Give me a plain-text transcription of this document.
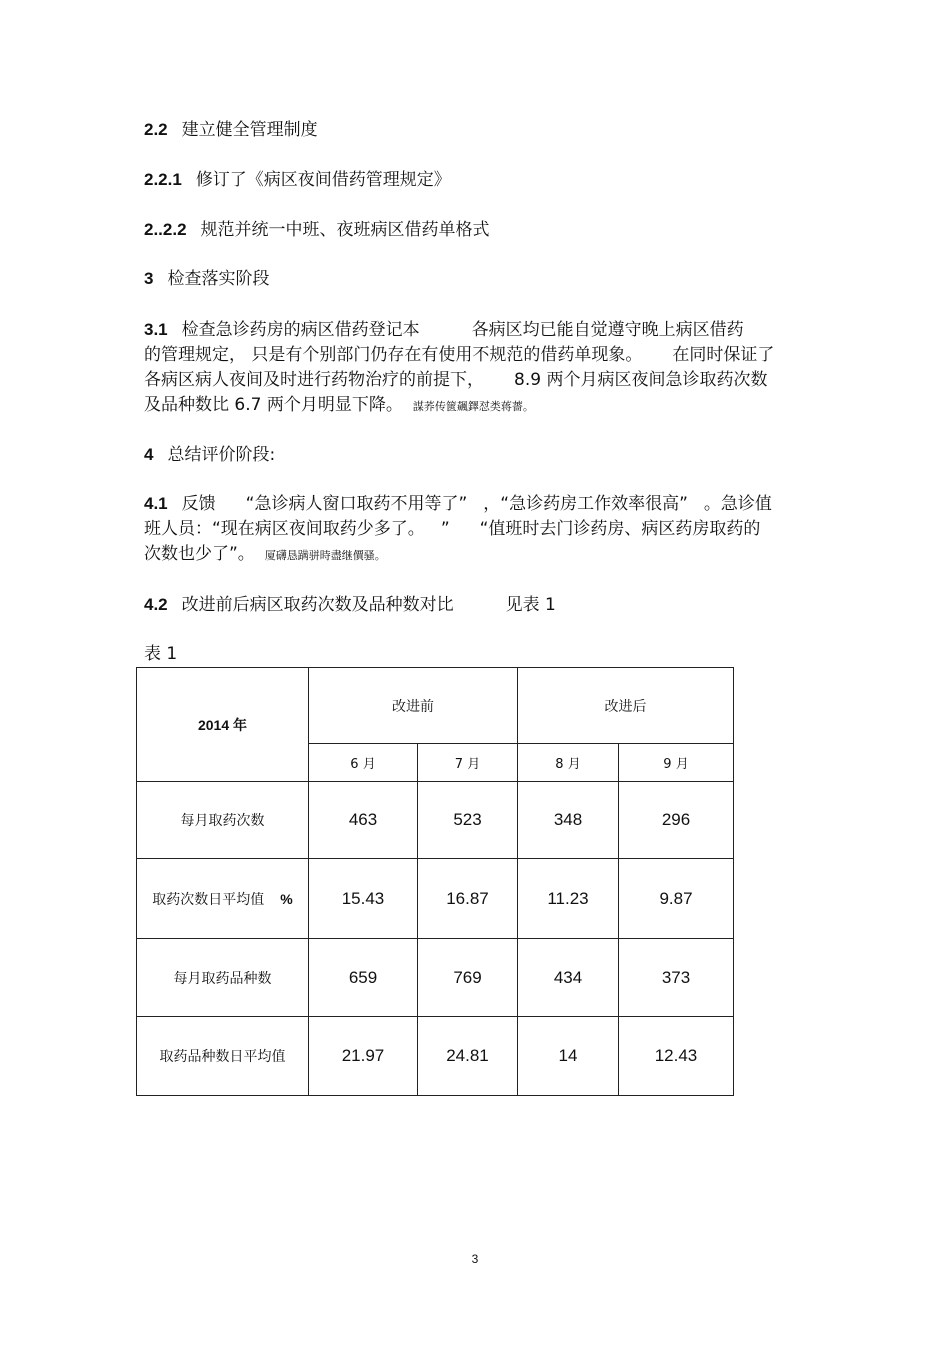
2.2 建立健全管理制度
2.2.1 修订了《病区夜间借药管理规定》
2..2.2 规范并统一中班、夜班病区借药单格式
3 检查落实阶段
3.1 检查急诊药房的病区借药登记本	各病区均已能自觉遵守晚上病区借药
的管理规定， 只是有个别部门仍存在有使用不规范的借药单现象。 在同时保证了
各病区病人夜间及时进行药物治疗的前提下， 8.9 两个月病区夜间急诊取药次数
及品种数比 6.7 两个月明显下降。 謀荞传篋飆鐸怼类蒋薔。
4 总结评价阶段:
4.1 反馈 “急诊病人窗口取药不用等了” ，“急诊药房工作效率很高” 。急诊值
班人员：“现在病区夜间取药少多了。 ” “值班时去门诊药房、病区药房取药的
次数也少了”。 厦礴恳蹒骈時盡继價骚。
4.2 改进前后病区取药次数及品种数对比	见表 1
表 1
2014 年	改进前		改进后	
	6 月	7 月	8 月	9 月
每月取药次数	463	523	348	296
取药次数日平均值 %	15.43	16.87	11.23	9.87
每月取药品种数	659	769	434	373
取药品种数日平均值	21.97	24.81	14	12.43
3
